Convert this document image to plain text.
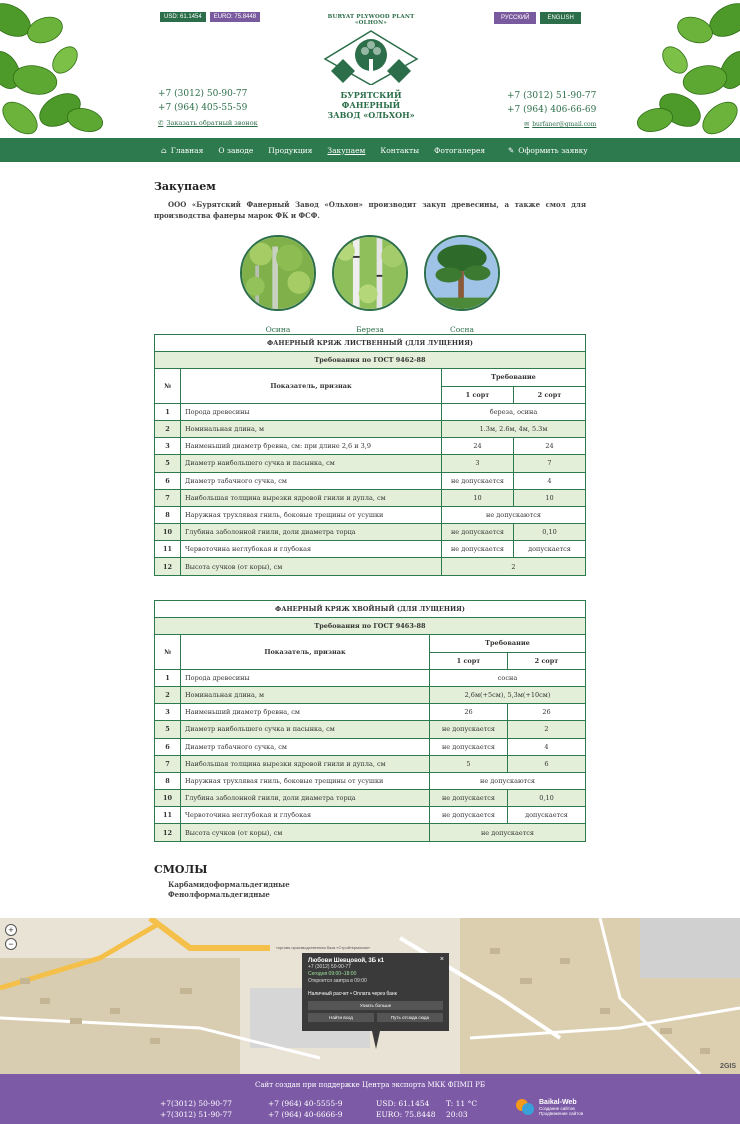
USD: 61.1454	EURO: 75.8448	РУССКИЙ	ENGLISH
BURYAT PLYWOOD PLANT «OLHON»
БУРЯТСКИЙ ФАНЕРНЫЙ
ЗАВОД «ОЛЬХОН»
+7 (3012) 50-90-77
+7 (964) 405-55-59
✆ Заказать обратный звонок
+7 (3012) 51-90-77
+7 (964) 406-66-69
✉ burfaner@gmail.com
⌂ Главная О заводе Продукция Закупаем Контакты Фотогалерея	✎ Оформить заявку
Закупаем

ООО «Бурятский Фанерный Завод «Ольхон» производит закуп древесины, а также смол для производства фанеры марок ФК и ФСФ.

Осина	Береза	Сосна
ФАНЕРНЫЙ КРЯЖ ЛИСТВЕННЫЙ (ДЛЯ ЛУЩЕНИЯ)			
Требования по ГОСТ 9462-88			
№	Показатель, признак	Требование	
		1 сорт	2 сорт
1	Порода древесины	береза, осина	
2	Номинальная длина, м	1.3м, 2.6м, 4м, 5.3м	
3	Наименьший диаметр бревна, см: при длине 2,6 и 3,9	24	24
5	Диаметр наибольшего сучка и пасынка, см	3	7
6	Диаметр табачного сучка, см	не допускается	4
7	Наибольшая толщина вырезки ядровой гнили и дупла, см	10	10
8	Наружная трухлявая гниль, боковые трещины от усушки	не допускаются	
10	Глубина заболонной гнили, доли диаметра торца	не допускается	0,10
11	Червоточина неглубокая и глубокая	не допускается	допускается
12	Высота сучков (от коры), см	2	
ФАНЕРНЫЙ КРЯЖ ХВОЙНЫЙ (ДЛЯ ЛУЩЕНИЯ)			
Требования по ГОСТ 9463-88			
№	Показатель, признак	Требование	
		1 сорт	2 сорт
1	Порода древесины	сосна	
2	Номинальная длина, м	2,6м(+5см), 5,3м(+10см)	
3	Наименьший диаметр бревна, см	26	26
5	Диаметр наибольшего сучка и пасынка, см	не допускается	2
6	Диаметр табачного сучка, см	не допускается	4
7	Наибольшая толщина вырезки ядровой гнили и дупла, см	5	6
8	Наружная трухлявая гниль, боковые трещины от усушки	не допускаются	
10	Глубина заболонной гнили, доли диаметра торца	не допускается	0,10
11	Червоточина неглубокая и глубокая	не допускается	допускается
12	Высота сучков (от коры), см	не допускается	
СМОЛЫ
Карбамидоформальдегидные
Фенолформальдегидные
торгово-производственная база «Стройтермоком»
+
−
×
Любови Шевцовой, 3Б к1
+7 (3012) 50-90-77
Сегодня 09:00–18:00
Откроется завтра в 09:00
Наличный расчет • Оплата через банк
Узнать больше
Найти вход	Путь отсюда сюда
2GIS
Сайт создан при поддержке Центра экспорта МКК ФПМП РБ
+7(3012) 50-90-77
+7(3012) 51-90-77
+7 (964) 40-5555-9
+7 (964) 40-6666-9
USD: 61.1454
EURO: 75.8448
T: 11 °C
20:03
Baikal-Web
Создание сайтов
Продвижение сайтов
